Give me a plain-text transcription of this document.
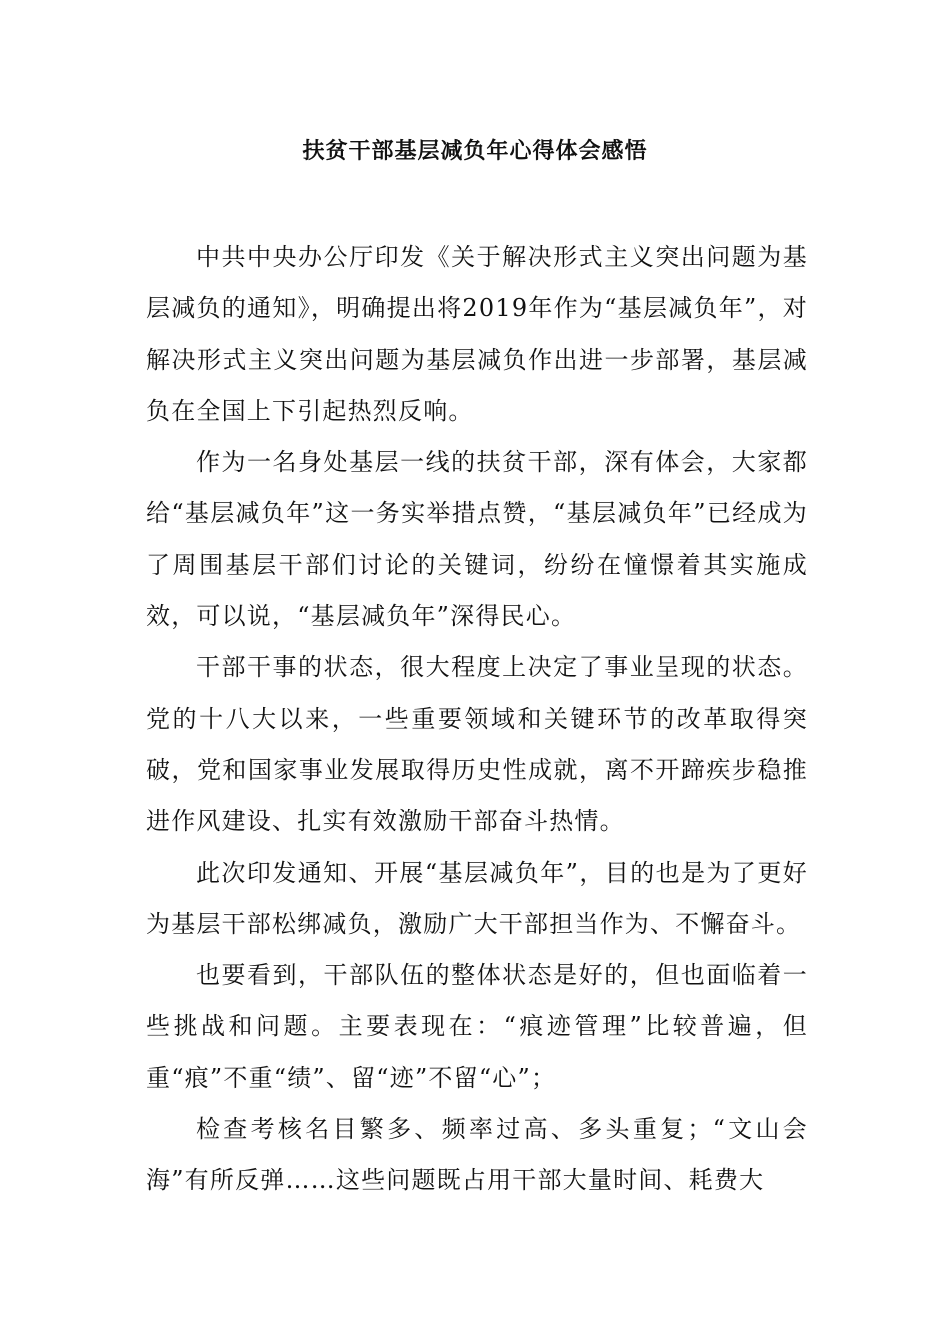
扶贫干部基层减负年心得体会感悟

中共中央办公厅印发《关于解决形式主义突出问题为基层减负的通知》，明确提出将2019年作为“基层减负年”，对解决形式主义突出问题为基层减负作出进一步部署，基层减负在全国上下引起热烈反响。

作为一名身处基层一线的扶贫干部，深有体会，大家都给“基层减负年”这一务实举措点赞，“基层减负年”已经成为了周围基层干部们讨论的关键词，纷纷在憧憬着其实施成效，可以说，“基层减负年”深得民心。

干部干事的状态，很大程度上决定了事业呈现的状态。党的十八大以来，一些重要领域和关键环节的改革取得突破，党和国家事业发展取得历史性成就，离不开蹄疾步稳推进作风建设、扎实有效激励干部奋斗热情。

此次印发通知、开展“基层减负年”，目的也是为了更好为基层干部松绑减负，激励广大干部担当作为、不懈奋斗。

也要看到，干部队伍的整体状态是好的，但也面临着一些挑战和问题。主要表现在：“痕迹管理”比较普遍，但重“痕”不重“绩”、留“迹”不留“心”；

检查考核名目繁多、频率过高、多头重复；“文山会海”有所反弹……这些问题既占用干部大量时间、耗费大
